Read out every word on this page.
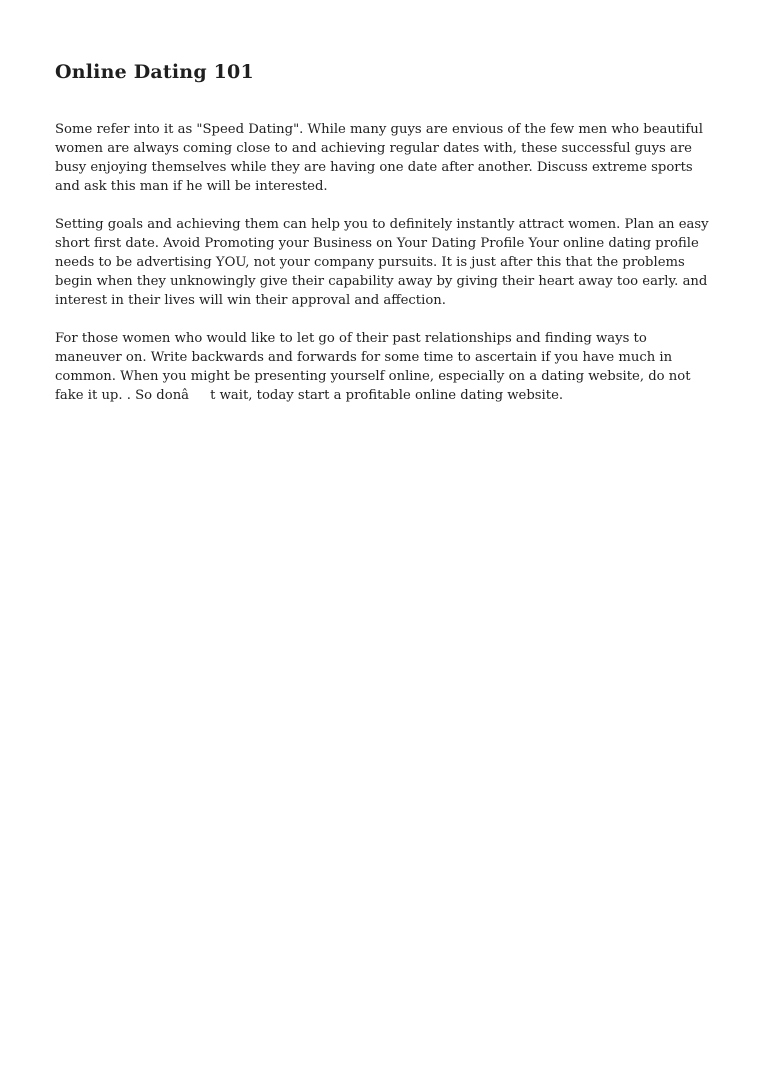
Online Dating 101

Some refer into it as "Speed Dating". While many guys are envious of the few men who beautiful women are always coming close to and achieving regular dates with, these successful guys are busy enjoying themselves while they are having one date after another. Discuss extreme sports and ask this man if he will be interested.

Setting goals and achieving them can help you to definitely instantly attract women. Plan an easy short first date. Avoid Promoting your Business on Your Dating Profile Your online dating profile needs to be advertising YOU, not your company pursuits. It is just after this that the problems begin when they unknowingly give their capability away by giving their heart away too early. and interest in their lives will win their approval and affection.

For those women who would like to let go of their past relationships and finding ways to maneuver on. Write backwards and forwards for some time to ascertain if you have much in common. When you might be presenting yourself online, especially on a dating website, do not fake it up. . So donât wait, today start a profitable online dating website.
